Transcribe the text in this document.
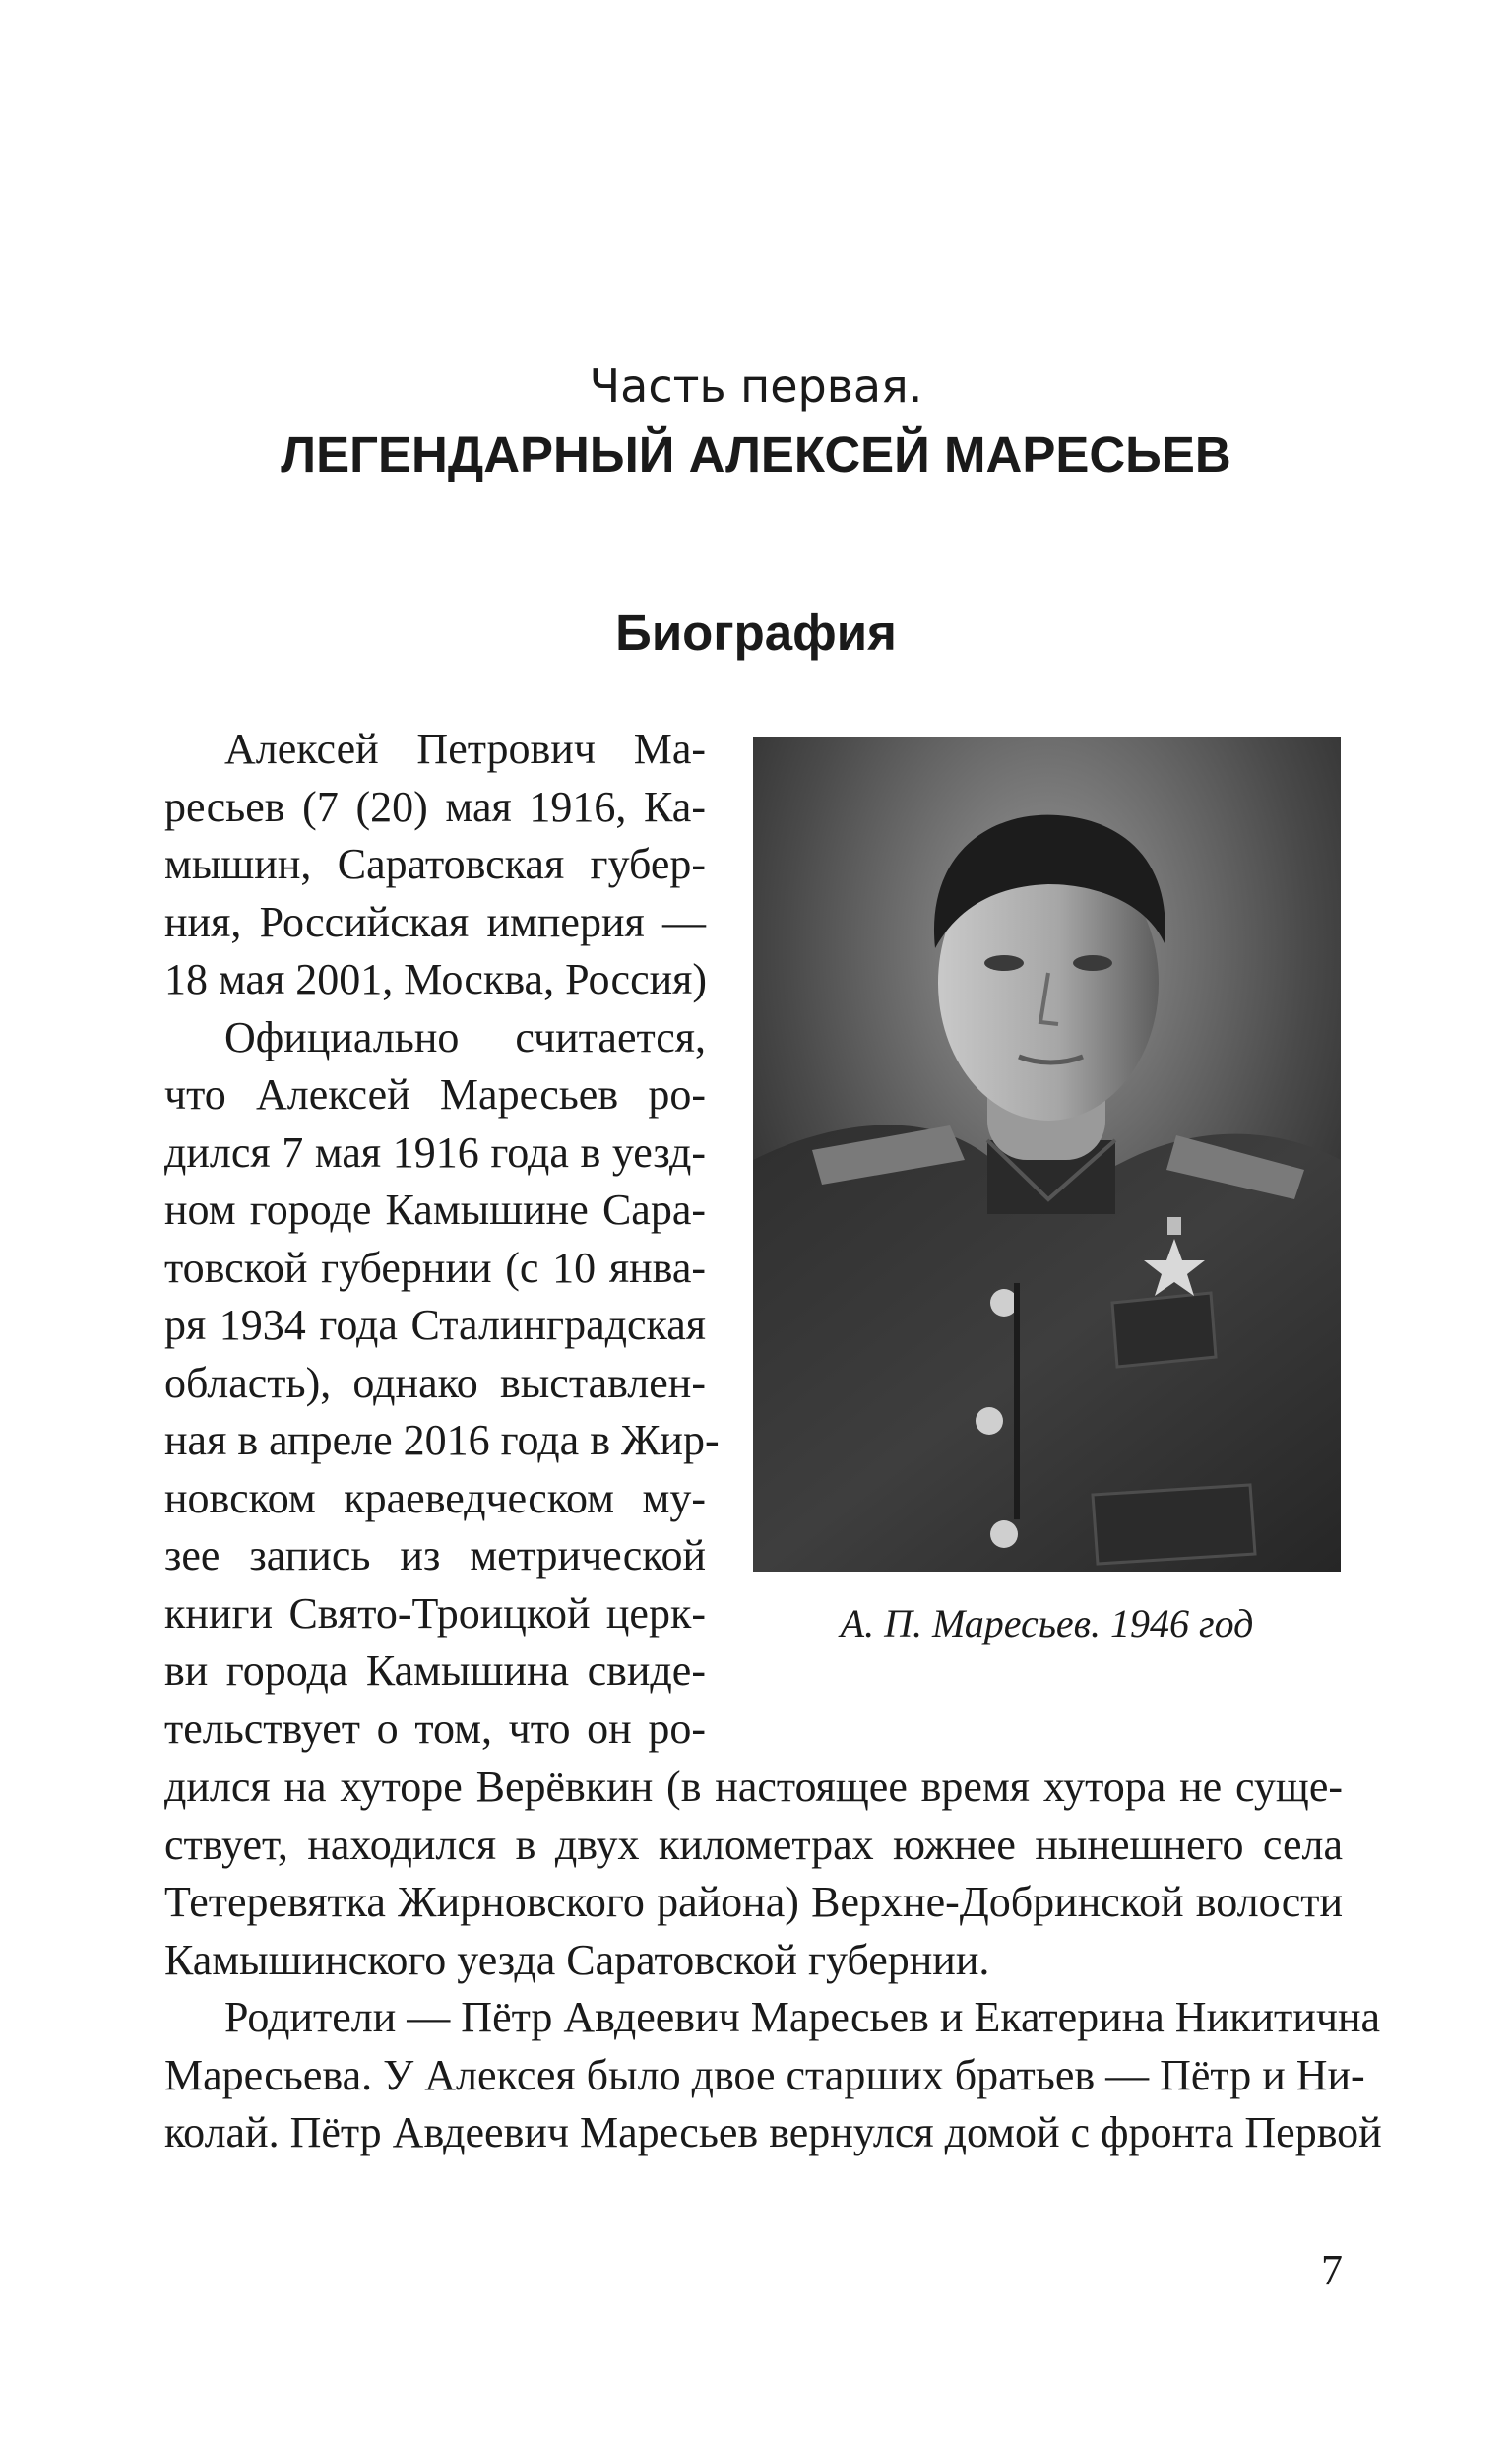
Часть первая.
ЛЕГЕНДАРНЫЙ АЛЕКСЕЙ МАРЕСЬЕВ
Биография
Алексей Петрович Ма-
ресьев (7 (20) мая 1916, Ка-
мышин, Саратовская губер-
ния, Российская империя —
18 мая 2001, Москва, Россия)
Официально считается,
что Алексей Маресьев ро-
дился 7 мая 1916 года в уезд-
ном городе Камышине Сара-
товской губернии (с 10 янва-
ря 1934 года Сталинградская
область), однако выставлен-
ная в апреле 2016 года в Жир-
новском краеведческом му-
зее запись из метрической
книги Свято-Троицкой церк-
ви города Камышина свиде-
тельствует о том, что он ро-
А. П. Маресьев. 1946 год
дился на хуторе Верёвкин (в настоящее время хутора не суще-
ствует, находился в двух километрах южнее нынешнего села
Тетеревятка Жирновского района) Верхне-Добринской волости
Камышинского уезда Саратовской губернии.
Родители — Пётр Авдеевич Маресьев и Екатерина Никитична
Маресьева. У Алексея было двое старших братьев — Пётр и Ни-
колай. Пётр Авдеевич Маресьев вернулся домой с фронта Первой
7
